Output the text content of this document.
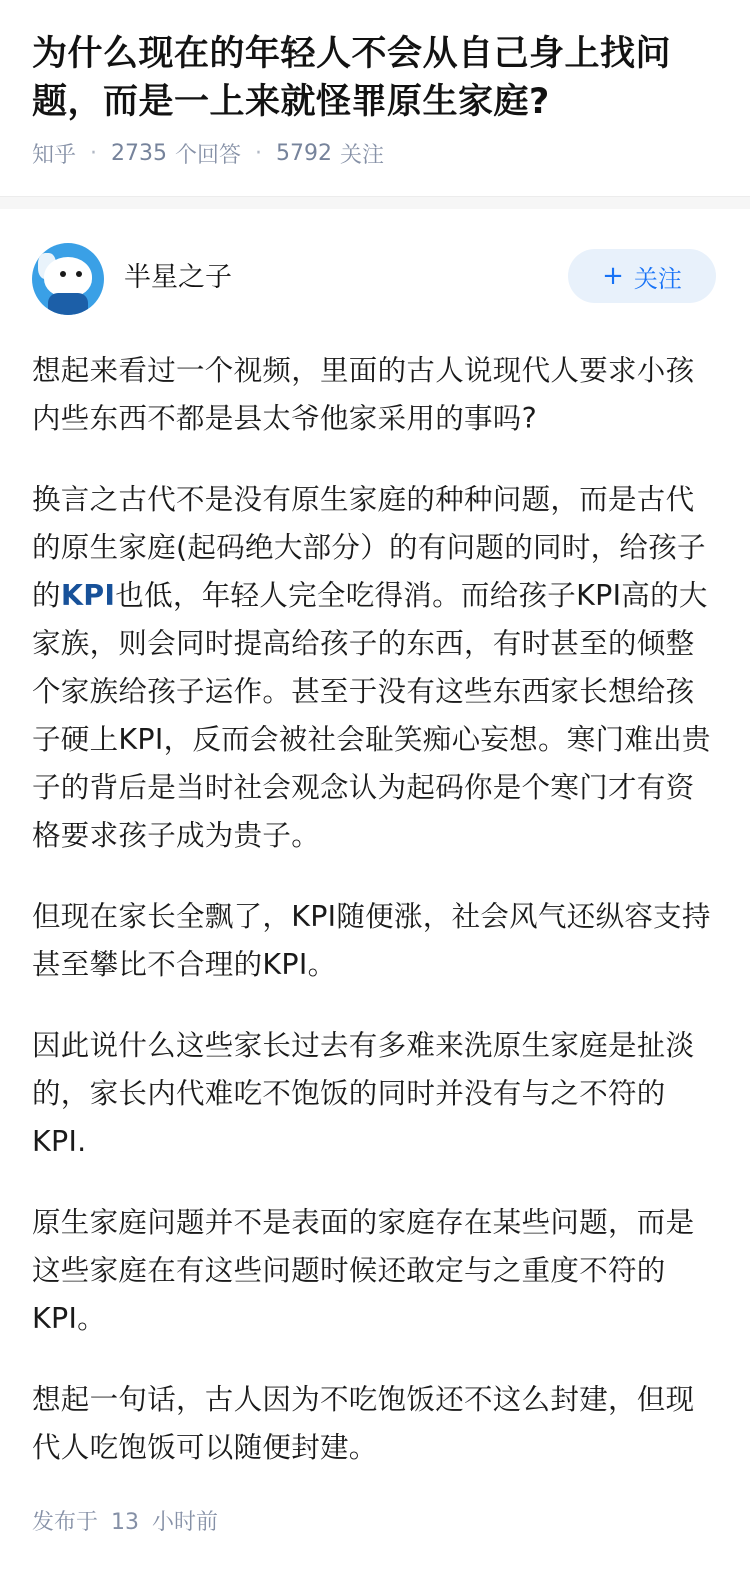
为什么现在的年轻人不会从自己身上找问题，而是一上来就怪罪原生家庭?
知乎 · 2735 个回答 · 5792 关注
半星之子	+ 关注

想起来看过一个视频，里面的古人说现代人要求小孩内些东西不都是县太爷他家采用的事吗?

换言之古代不是没有原生家庭的种种问题，而是古代的原生家庭(起码绝大部分）的有问题的同时，给孩子的KPI也低，年轻人完全吃得消。而给孩子KPI高的大家族，则会同时提高给孩子的东西，有时甚至的倾整个家族给孩子运作。甚至于没有这些东西家长想给孩子硬上KPI，反而会被社会耻笑痴心妄想。寒门难出贵子的背后是当时社会观念认为起码你是个寒门才有资格要求孩子成为贵子。

但现在家长全飘了，KPI随便涨，社会风气还纵容支持甚至攀比不合理的KPI。

因此说什么这些家长过去有多难来洗原生家庭是扯淡的，家长内代难吃不饱饭的同时并没有与之不符的KPI.

原生家庭问题并不是表面的家庭存在某些问题，而是这些家庭在有这些问题时候还敢定与之重度不符的KPI。

想起一句话，古人因为不吃饱饭还不这么封建，但现代人吃饱饭可以随便封建。

发布于 13 小时前
